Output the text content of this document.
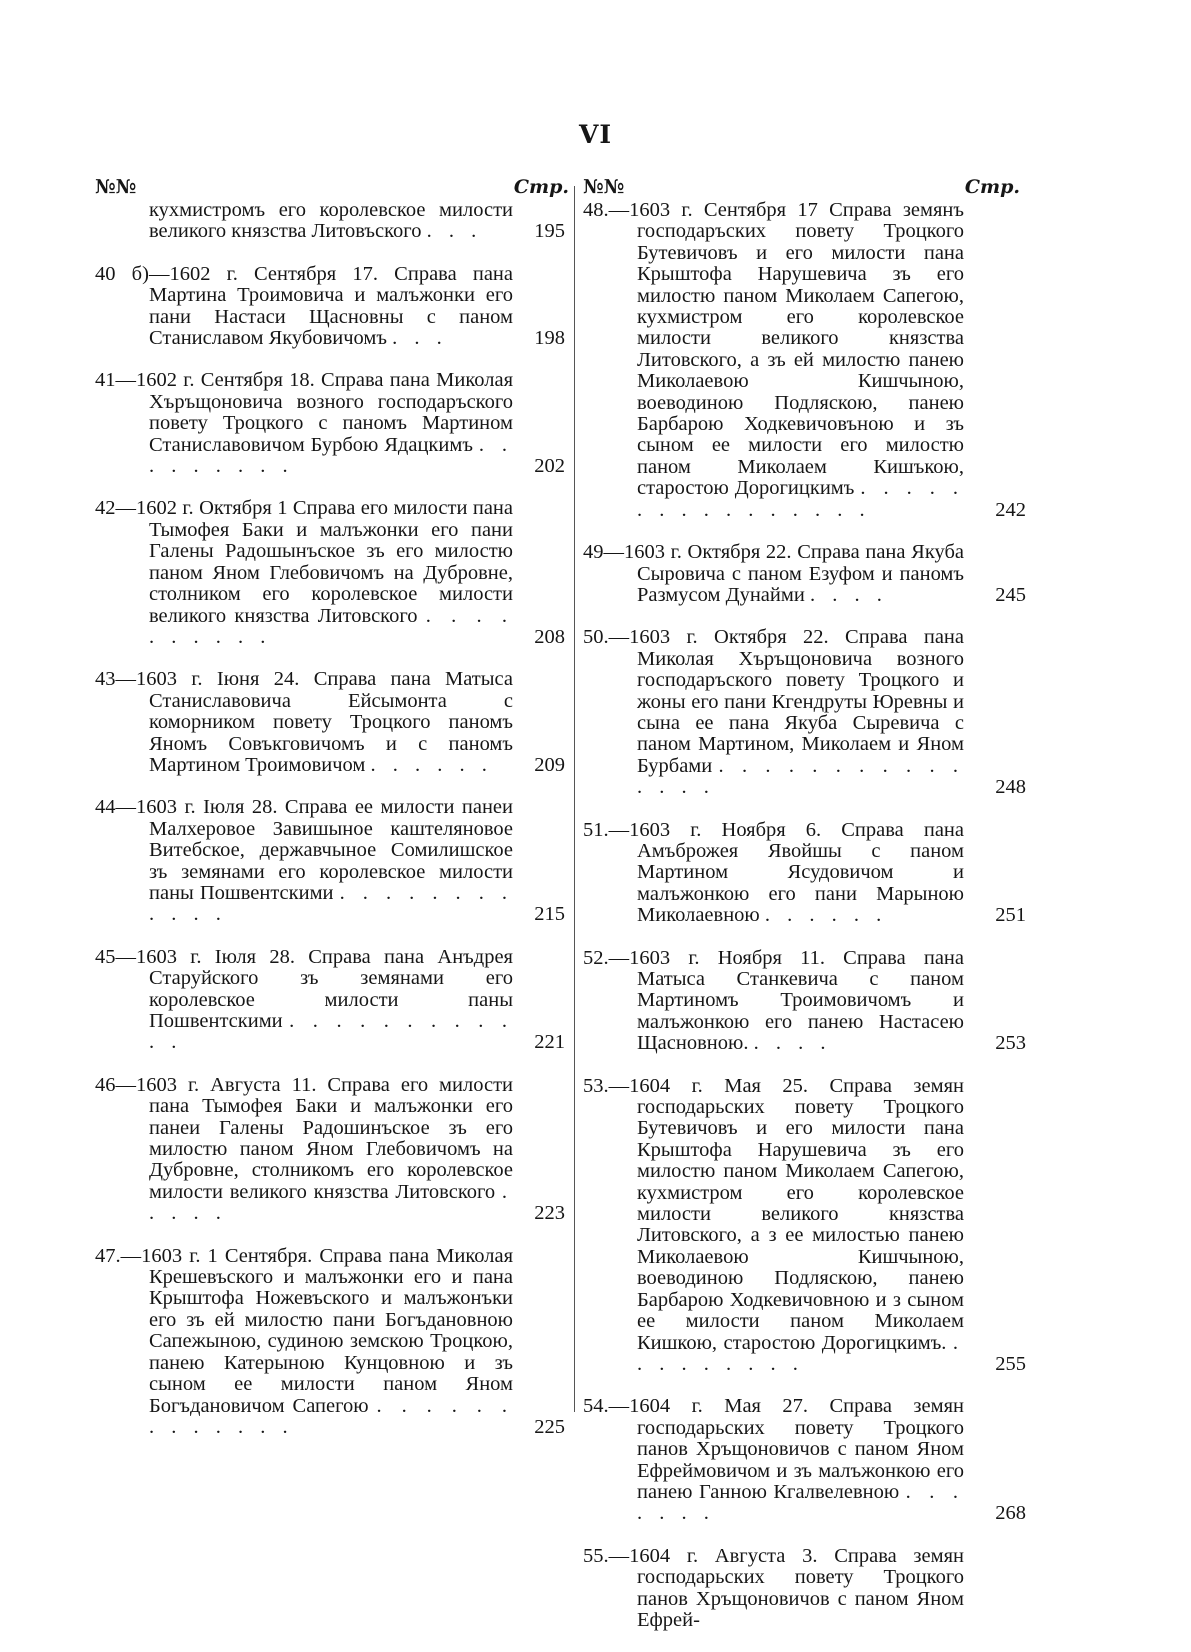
VI
№№	Стр.
кухмистромъ его королевское милости великого князства Литовъского . . .	195
40 б)—1602 г. Сентября 17. Справа пана Мартина Троимовича и малъжонки его пани Настаси Щасновны с паном Станиславом Якубовичомъ . . .	198
41—1602 г. Сентября 18. Справа пана Миколая Хъръщоновича возного господаръского повету Троцкого с паномъ Мартином Станиславовичом Бурбою Ядацкимъ . . . . . . . . .	202
42—1602 г. Октября 1 Справа его милости пана Тымофея Баки и малъжонки его пани Галены Радошынъское зъ его милостю паном Яном Глебовичомъ на Дубровне, столником его королевское милости великого князства Литовского . . . . . . . . . .	208
43—1603 г. Іюня 24. Справа пана Матыса Станиславовича Ейсымонта с коморником повету Троцкого паномъ Яномъ Совъкговичомъ и с паномъ Мартином Троимовичом . . . . . .	209
44—1603 г. Іюля 28. Справа ее милости панеи Малхеровое Завишыное каштеляновое Витебское, державчыное Сомилишское зъ земянами его королевское милости паны Пошвентскими . . . . . . . . . . . .	215
45—1603 г. Іюля 28. Справа пана Анъдрея Старуйского зъ земянами его королевское милости паны Пошвентскими . . . . . . . . . . . .	221
46—1603 г. Августа 11. Справа его милости пана Тымофея Баки и малъжонки его панеи Галены Радошинъское зъ его милостю паном Яном Глебовичомъ на Дубровне, столникомъ его королевское милости великого князства Литовского . . . . .	223
47.—1603 г. 1 Сентября. Справа пана Миколая Крешевъского и малъжонки его и пана Крыштофа Ножевъского и малъжонъки его зъ ей милостю пани Богъдановною Сапежыною, судиною земскою Троцкою, панею Катерыною Кунцовною и зъ сыном ее милости паном Яном Богъдановичом Сапегою . . . . . . . . . . . . .	225
№№	Стр.
48.—1603 г. Сентября 17 Справа земянъ господаръских повету Троцкого Бутевичовъ и его милости пана Крыштофа Нарушевича зъ его милостю паном Миколаем Сапегою, кухмистром его королевское милости великого князства Литовского, а зъ ей милостю панею Миколаевою Кишчыною, воеводиною Подляскою, панею Барбарою Ходкевичовъною и зъ сыном ее милости его милостю паном Миколаем Кишъкою, старостою Дорогицкимъ . . . . . . . . . . . . . . . .	242
49—1603 г. Октября 22. Справа пана Якуба Сыровича с паном Езуфом и паномъ Размусом Дунайми . . . .	245
50.—1603 г. Октября 22. Справа пана Миколая Хъръщоновича возного господаръского повету Троцкого и жоны его пани Кгендруты Юревны и сына ее пана Якуба Сыревича с паном Мартином, Миколаем и Яном Бурбами . . . . . . . . . . . . . . .	248
51.—1603 г. Ноября 6. Справа пана Амъброжея Явойшы с паном Мартином Ясудовичом и малъжонкою его пани Марыною Миколаевною . . . . . .	251
52.—1603 г. Ноября 11. Справа пана Матыса Станкевича с паном Мартиномъ Троимовичомъ и малъжонкою его панею Настасею Щасновною. . . . .	253
53.—1604 г. Мая 25. Справа земян господарьских повету Троцкого Бутевичовъ и его милости пана Крыштофа Нарушевича зъ его милостю паном Миколаем Сапегою, кухмистром его королевское милости великого князства Литовского, а з ее милостью панею Миколаевою Кишчыною, воеводиною Подляскою, панею Барбарою Ходкевичовною и з сыном ее милости паном Миколаем Кишкою, старостою Дорогицкимъ. . . . . . . . . .	255
54.—1604 г. Мая 27. Справа земян господарьских повету Троцкого панов Хръщоновичов с паном Яном Ефреймовичом и зъ малъжонкою его панею Ганною Кгалвелевною . . . . . . .	268
55.—1604 г. Августа 3. Справа земян господарьских повету Троцкого панов Хръщоновичов с паном Яном Ефрей-
